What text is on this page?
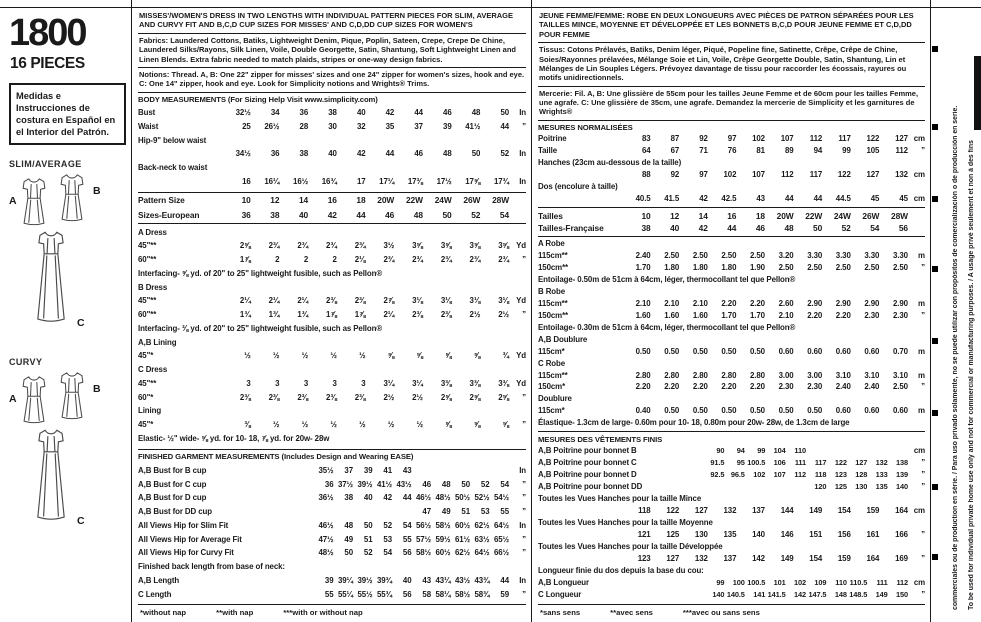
1800
16 PIECES
Medidas e Instrucciones de costura en Español en el Interior del Patrón.
SLIM/AVERAGE
A
B
C
CURVY
A
B
C
MISSES'/WOMEN'S DRESS IN TWO LENGTHS WITH INDIVIDUAL PATTERN PIECES FOR SLIM, AVERAGE AND CURVY FIT AND B,C,D CUP SIZES FOR MISSES' AND C,D,DD CUP SIZES FOR WOMEN'S
Fabrics: Laundered Cottons, Batiks, Lightweight Denim, Pique, Poplin, Sateen, Crepe, Crepe De Chine, Laundered Silks/Rayons, Silk Linen, Voile, Double Georgette, Satin, Shantung, Soft Lightweight Linen and Linen Blends. Extra fabric needed to match plaids, stripes or one-way design fabrics.
Notions: Thread. A, B: One 22" zipper for misses' sizes and one 24" zipper for women's sizes, hook and eye. C: One 14" zipper, hook and eye. Look for Simplicity notions and Wrights® Trims.
BODY MEASUREMENTS (For Sizing Help Visit www.simplicity.com)
Bust	32½	34	36	38	40	42	44	46	48	50	In
Waist	25	26½	28	30	32	35	37	39	41½	44	”
Hip-9" below waist
34½	36	38	40	42	44	46	48	50	52	In
Back-neck to waist
16	16¼	16½	16¾	17	17¼	17⅜	17½	17⅝	17¾	In
Pattern Size	10	12	14	16	18	20W	22W	24W	26W	28W
Sizes-European	36	38	40	42	44	46	48	50	52	54
A Dress
45"**	2⅝	2¾	2¾	2¾	2¾	3½	3⅝	3⅝	3⅝	3⅝ Yd
60"**	1⅞	2	2	2	2⅛	2¾	2¾	2¾	2¾	2¾	”
Interfacing- ⅝ yd. of 20" to 25" lightweight fusible, such as Pellon®
B Dress
45"**	2¼	2¼	2¼	2⅜	2⅜	2⅞	3⅛	3⅛	3⅛	3⅛ Yd
60"**	1¾	1¾	1¾	1⅞	1⅞	2¼	2⅜	2⅜	2½	2½	”
Interfacing- ⅜ yd. of 20" to 25" lightweight fusible, such as Pellon®
A,B Lining
45"*	½	½	½	½	½	⅝	⅝	⅝	⅝	¾ Yd
C Dress
45"**	3	3	3	3	3	3¼	3¼	3⅜	3⅜	3⅜ Yd
60"*	2⅜	2⅜	2⅜	2⅜	2⅜	2½	2½	2⅝	2⅝	2⅝	”
Lining
45"*	⅜	½	½	½	½	½	½	⅝	⅝	⅝	”
Elastic- ½" wide- ⅝ yd. for 10- 18, ⅞ yd. for 20w- 28w
FINISHED GARMENT MEASUREMENTS (Includes Design and Wearing EASE)
A,B Bust for B cup	35½	37	39	41	43	In
A,B Bust for C cup	36 37½ 39½ 41½ 43½	46	48	50	52	54	”
A,B Bust for D cup	36½	38	40	42	44 46½ 48½ 50½ 52½ 54½	”
A,B Bust for DD cup	47	49	51	53	55	”
All Views Hip for Slim Fit	46½	48	50	52	54 56½ 58½ 60½ 62½ 64½	In
All Views Hip for Average Fit	47½	49	51	53	55 57½ 59½ 61½ 63½ 65½	”
All Views Hip for Curvy Fit	48½	50	52	54	56 58½ 60½ 62½ 64½ 66½	”
Finished back length from base of neck:
A,B Length	39 39¼ 39½ 39¾	40	43 43¼ 43½ 43¾	44	In
C Length	55 55¼ 55½ 55¾	56	58 58¼ 58½ 58¾	59	”
*without nap	**with nap	***with or without nap
JEUNE FEMME/FEMME: ROBE EN DEUX LONGUEURS AVEC PIÈCES DE PATRON SÉPARÉES POUR LES TAILLES MINCE, MOYENNE ET DÉVELOPPÉE ET LES BONNETS B,C,D POUR JEUNE FEMME ET C,D,DD POUR FEMME
Tissus: Cotons Prélavés, Batiks, Denim léger, Piqué, Popeline fine, Satinette, Crêpe, Crêpe de Chine, Soies/Rayonnes prélavées, Mélange Soie et Lin, Voile, Crêpe Georgette Double, Satin, Shantung, Lin et Mélanges de Lin Souples Légers. Prévoyez davantage de tissu pour raccorder les écossais, rayures ou motifs unidirectionnels.
Mercerie: Fil. A, B: Une glissière de 55cm pour les tailles Jeune Femme et de 60cm pour les tailles Femme, une agrafe. C: Une glissière de 35cm, une agrafe. Demandez la mercerie de Simplicity et les garnitures de Wrights®
MESURES NORMALISÉES
Poitrine	83	87	92	97	102	107	112	117	122	127 cm
Taille	64	67	71	76	81	89	94	99	105	112	”
Hanches (23cm au-dessous de la taille)
88	92	97	102	107	112	117	122	127	132 cm
Dos (encolure à taille)
40.5	41.5	42	42.5	43	44	44	44.5	45	45 cm
Tailles	10	12	14	16	18	20W	22W	24W	26W	28W
Tailles-Française	38	40	42	44	46	48	50	52	54	56
A Robe
115cm**	2.40	2.50	2.50	2.50	2.50	3.20	3.30	3.30	3.30	3.30	m
150cm**	1.70	1.80	1.80	1.80	1.90	2.50	2.50	2.50	2.50	2.50	”
Entoilage- 0.50m de 51cm à 64cm, léger, thermocollant tel que Pellon®
B Robe
115cm**	2.10	2.10	2.10	2.20	2.20	2.60	2.90	2.90	2.90	2.90	m
150cm**	1.60	1.60	1.60	1.70	1.70	2.10	2.20	2.20	2.30	2.30	”
Entoilage- 0.30m de 51cm à 64cm, léger, thermocollant tel que Pellon®
A,B Doublure
115cm*	0.50	0.50	0.50	0.50	0.50	0.60	0.60	0.60	0.60	0.70	m
C Robe
115cm**	2.80	2.80	2.80	2.80	2.80	3.00	3.00	3.10	3.10	3.10	m
150cm*	2.20	2.20	2.20	2.20	2.20	2.30	2.30	2.40	2.40	2.50	”
Doublure
115cm*	0.40	0.50	0.50	0.50	0.50	0.50	0.50	0.60	0.60	0.60	m
Élastique- 1.3cm de large- 0.60m pour 10- 18, 0.80m pour 20w- 28w, de 1.3cm de large
MESURES DES VÊTEMENTS FINIS
A,B Poitrine pour bonnet B	90	94	99	104	110	cm
A,B Poitrine pour bonnet C	91.5	95 100.5	106	111	117	122	127	132	138	”
A,B Poitrine pour bonnet D	92.5 96.5	102	107	112	118	123	128	133	139	”
A,B Poitrine pour bonnet DD	120	125	130	135	140	”
Toutes les Vues Hanches pour la taille Mince
118	122	127	132	137	144	149	154	159	164 cm
Toutes les Vues Hanches pour la taille Moyenne
121	125	130	135	140	146	151	156	161	166	”
Toutes les Vues Hanches pour la taille Développée
123	127	132	137	142	149	154	159	164	169	”
Longueur finie du dos depuis la base du cou:
A,B Longueur	99	100 100.5	101	102	109	110 110.5	111	112 cm
C Longueur	140 140.5	141 141.5	142 147.5	148 148.5	149	150	”
*sans sens	**avec sens	***avec ou sans sens
commerciales ou de production en série. / Para uso privado solamente, no se puede utilizar con propósitos de comercialización o de producción en serie. To be used for individual private home use only and not for commercial or manufacturing purposes. / A usage privé seulement et non à des fins
